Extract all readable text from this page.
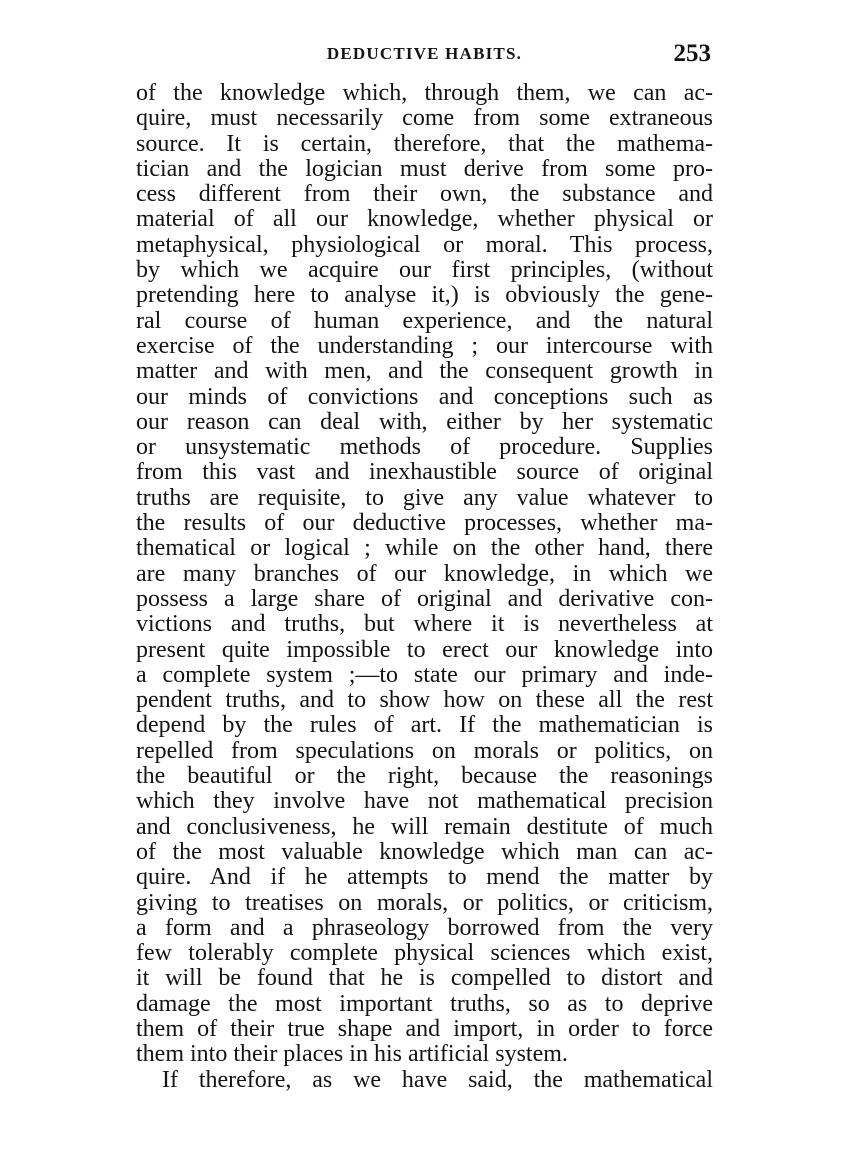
DEDUCTIVE HABITS.	253
of the knowledge which, through them, we can ac-
quire, must necessarily come from some extraneous
source. It is certain, therefore, that the mathema-
tician and the logician must derive from some pro-
cess different from their own, the substance and
material of all our knowledge, whether physical or
metaphysical, physiological or moral. This process,
by which we acquire our first principles, (without
pretending here to analyse it,) is obviously the gene-
ral course of human experience, and the natural
exercise of the understanding ; our intercourse with
matter and with men, and the consequent growth in
our minds of convictions and conceptions such as
our reason can deal with, either by her systematic
or unsystematic methods of procedure. Supplies
from this vast and inexhaustible source of original
truths are requisite, to give any value whatever to
the results of our deductive processes, whether ma-
thematical or logical ; while on the other hand, there
are many branches of our knowledge, in which we
possess a large share of original and derivative con-
victions and truths, but where it is nevertheless at
present quite impossible to erect our knowledge into
a complete system ;—to state our primary and inde-
pendent truths, and to show how on these all the rest
depend by the rules of art. If the mathematician is
repelled from speculations on morals or politics, on
the beautiful or the right, because the reasonings
which they involve have not mathematical precision
and conclusiveness, he will remain destitute of much
of the most valuable knowledge which man can ac-
quire. And if he attempts to mend the matter by
giving to treatises on morals, or politics, or criticism,
a form and a phraseology borrowed from the very
few tolerably complete physical sciences which exist,
it will be found that he is compelled to distort and
damage the most important truths, so as to deprive
them of their true shape and import, in order to force
them into their places in his artificial system.
If therefore, as we have said, the mathematical
